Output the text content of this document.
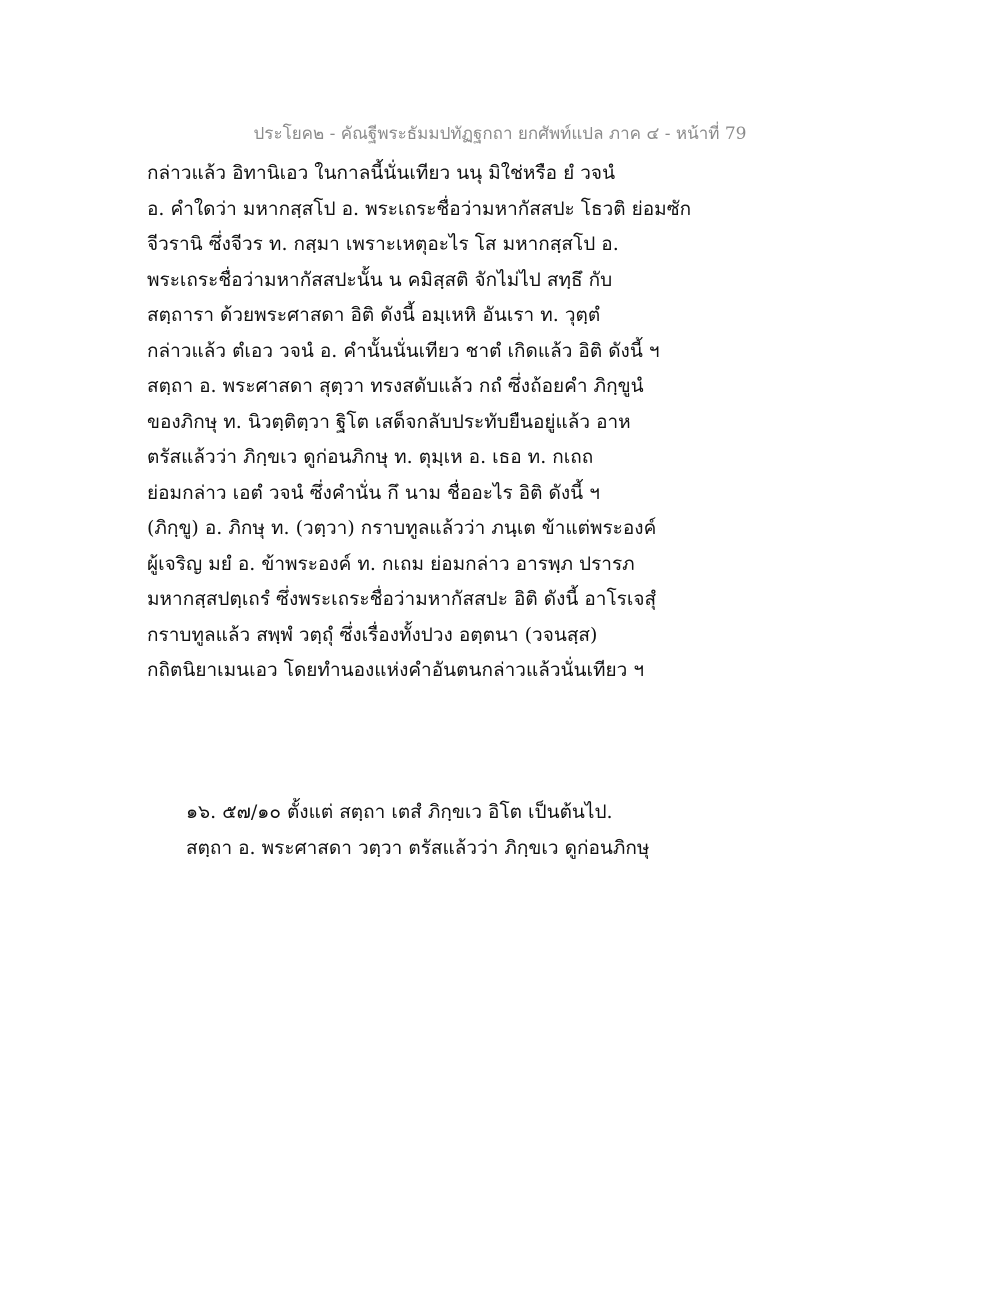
ประโยค๒ - คัณฐีพระธัมมปทัฏฐกถา ยกศัพท์แปล ภาค ๔ - หน้าที่ 79

กล่าวแล้ว อิทานิเอว ในกาลนี้นั่นเทียว นนุ มิใช่หรือ ยํ วจนํ

อ. คำใดว่า มหากสฺสโป อ. พระเถระชื่อว่ามหากัสสปะ โธวติ ย่อมซัก

จีวรานิ ซึ่งจีวร ท. กสฺมา เพราะเหตุอะไร โส มหากสฺสโป อ.

พระเถระชื่อว่ามหากัสสปะนั้น น คมิสฺสติ จักไม่ไป สทฺธึ กับ

สตฺถารา ด้วยพระศาสดา อิติ ดังนี้ อมฺเหหิ อันเรา ท. วุตฺตํ

กล่าวแล้ว ตํเอว วจนํ อ. คำนั้นนั่นเทียว ชาตํ เกิดแล้ว อิติ ดังนี้ ฯ

สตฺถา อ. พระศาสดา สุตฺวา ทรงสดับแล้ว กถํ ซึ่งถ้อยคำ ภิกฺขูนํ

ของภิกษุ ท. นิวตฺติตฺวา ฐิโต เสด็จกลับประทับยืนอยู่แล้ว อาห

ตรัสแล้วว่า ภิกฺขเว ดูก่อนภิกษุ ท. ตุมฺเห อ. เธอ ท. กเถถ

ย่อมกล่าว เอตํ วจนํ ซึ่งคำนั่น กึ นาม ชื่ออะไร อิติ ดังนี้ ฯ

(ภิกฺขู) อ. ภิกษุ ท. (วตฺวา) กราบทูลแล้วว่า ภนฺเต ข้าแต่พระองค์

ผู้เจริญ มยํ อ. ข้าพระองค์ ท. กเถม ย่อมกล่าว อารพฺภ ปรารภ

มหากสฺสปตฺเถรํ ซึ่งพระเถระชื่อว่ามหากัสสปะ อิติ ดังนี้ อาโรเจสุํ

กราบทูลแล้ว สพฺพํ วตฺถุํ ซึ่งเรื่องทั้งปวง อตฺตนา (วจนสฺส)

กถิตนิยาเมนเอว โดยทำนองแห่งคำอันตนกล่าวแล้วนั่นเทียว ฯ

๑๖. ๕๗/๑๐ ตั้งแต่ สตฺถา เตสํ ภิกฺขเว อิโต เป็นต้นไป.

สตฺถา อ. พระศาสดา วตฺวา ตรัสแล้วว่า ภิกฺขเว ดูก่อนภิกษุ
